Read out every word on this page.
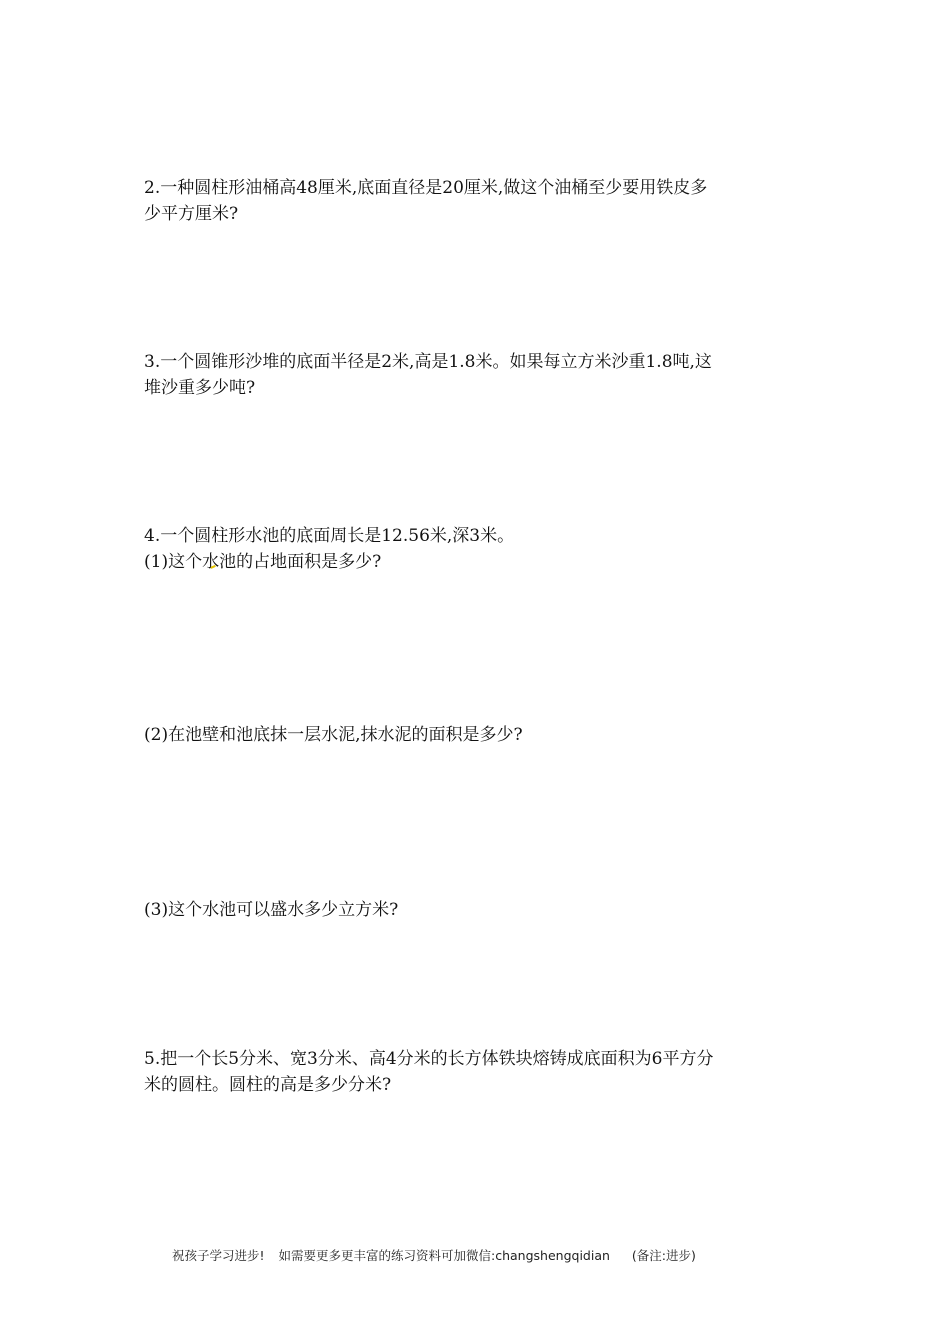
2.一种圆柱形油桶高48厘米,底面直径是20厘米,做这个油桶至少要用铁皮多
少平方厘米?
3.一个圆锥形沙堆的底面半径是2米,高是1.8米。如果每立方米沙重1.8吨,这
堆沙重多少吨?
4.一个圆柱形水池的底面周长是12.56米,深3米。
(1)这个水池的占地面积是多少?
(2)在池壁和池底抹一层水泥,抹水泥的面积是多少?
(3)这个水池可以盛水多少立方米?
5.把一个长5分米、宽3分米、高4分米的长方体铁块熔铸成底面积为6平方分
米的圆柱。圆柱的高是多少分米?
祝孩子学习进步! 如需要更多更丰富的练习资料可加微信:changshengqidian (备注:进步)
